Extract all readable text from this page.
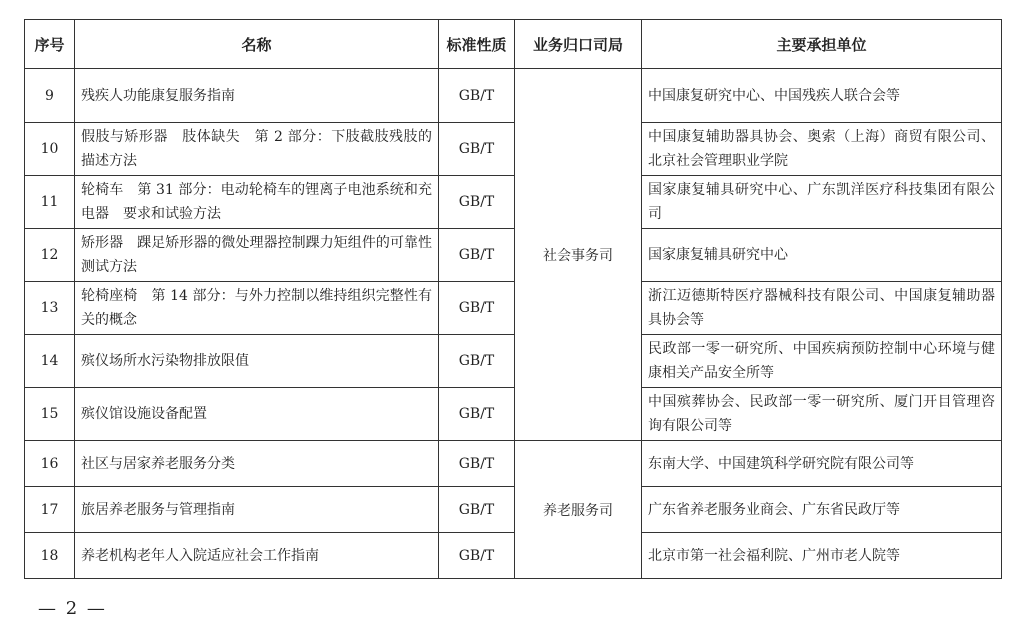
序号	名称	标准性质	业务归口司局	主要承担单位
9	残疾人功能康复服务指南	GB/T	社会事务司	中国康复研究中心、中国残疾人联合会等
10	假肢与矫形器　肢体缺失　第 2 部分：下肢截肢残肢的描述方法	GB/T		中国康复辅助器具协会、奥索（上海）商贸有限公司、北京社会管理职业学院
11	轮椅车　第 31 部分：电动轮椅车的锂离子电池系统和充电器　要求和试验方法	GB/T		国家康复辅具研究中心、广东凯洋医疗科技集团有限公司
12	矫形器　踝足矫形器的微处理器控制踝力矩组件的可靠性测试方法	GB/T		国家康复辅具研究中心
13	轮椅座椅　第 14 部分：与外力控制以维持组织完整性有关的概念	GB/T		浙江迈德斯特医疗器械科技有限公司、中国康复辅助器具协会等
14	殡仪场所水污染物排放限值	GB/T		民政部一零一研究所、中国疾病预防控制中心环境与健康相关产品安全所等
15	殡仪馆设施设备配置	GB/T		中国殡葬协会、民政部一零一研究所、厦门开目管理咨询有限公司等
16	社区与居家养老服务分类	GB/T	养老服务司	东南大学、中国建筑科学研究院有限公司等
17	旅居养老服务与管理指南	GB/T		广东省养老服务业商会、广东省民政厅等
18	养老机构老年人入院适应社会工作指南	GB/T		北京市第一社会福利院、广州市老人院等
— 2 —
